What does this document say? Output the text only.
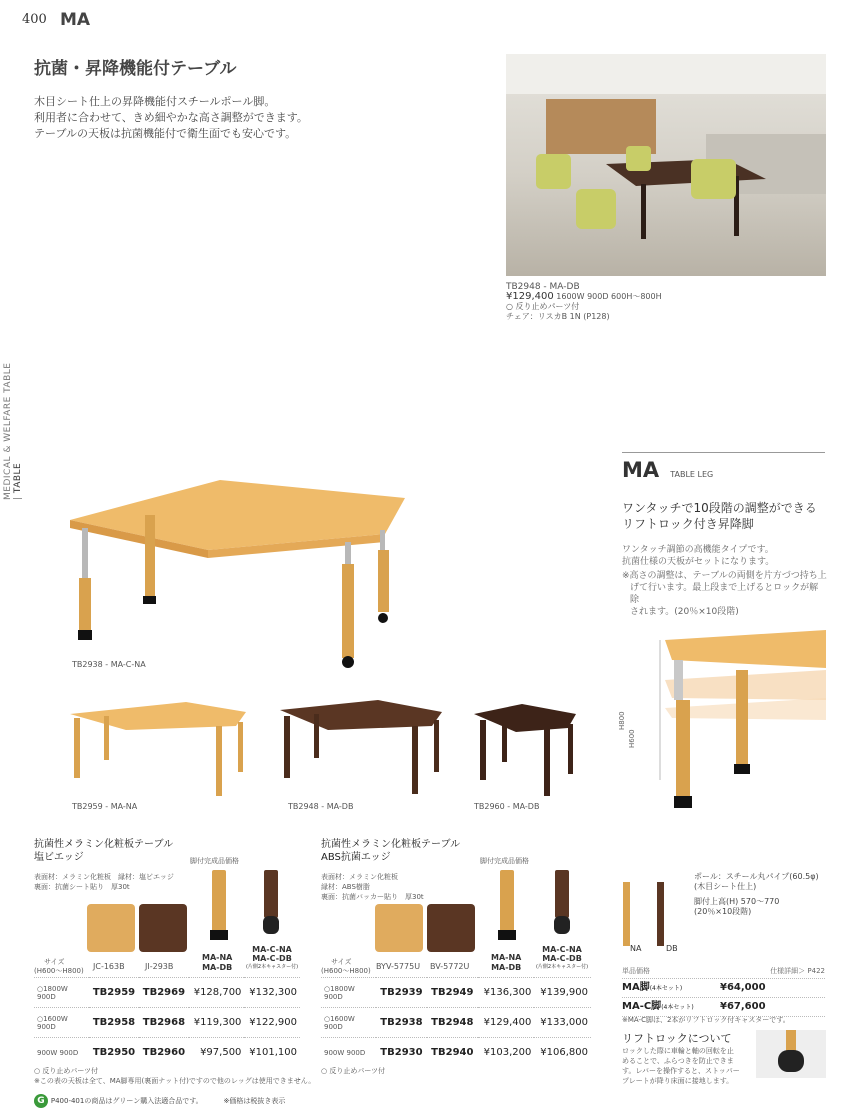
400 MA
MEDICAL & WELFARE TABLE | TABLE
抗菌・昇降機能付テーブル
木目シート仕上の昇降機能付スチールポール脚。
利用者に合わせて、きめ細やかな高さ調整ができます。
テーブルの天板は抗菌機能付で衛生面でも安心です。
TB2948 - MA-DB
¥129,400 1600W 900D 600H～800H
○ 反り止めパーツ付
チェア：リスカB 1N (P128)
TB2938 - MA-C-NA
TB2959 - MA-NA	TB2948 - MA-DB	TB2960 - MA-DB
MA TABLE LEG
ワンタッチで10段階の調整ができる
リフトロック付き昇降脚
ワンタッチ調節の高機能タイプです。
抗菌仕様の天板がセットになります。
※高さの調整は、テーブルの両側を片方づつ持ち上
げて行います。最上段まで上げるとロックが解除
されます。(20％×10段階)
H800
H600
抗菌性メラミン化粧板テーブル
塩ビエッジ	脚付完成品価格
表面材：メラミン化粧板　縁材：塩ビエッジ
裏面：抗菌シート貼り　厚30t
サイズ
(H600～H800) JC-163B	JI-293B
MA-NA
MA-DB
MA-C-NA
MA-C-DB
(片側2本キャスター付)
○1800W 900D	TB2959	TB2969	¥128,700	¥132,300
○1600W 900D	TB2958	TB2968	¥119,300	¥122,900
900W 900D	TB2950	TB2960	¥97,500	¥101,100
○ 反り止めパーツ付
※この表の天板は全て、MA脚専用(裏面ナット付)ですので他のレッグは使用できません。
抗菌性メラミン化粧板テーブル
ABS抗菌エッジ	脚付完成品価格
表面材：メラミン化粧板
縁材：ABS樹脂
裏面：抗菌バッカー貼り　厚30t
サイズ
(H600～H800) BYV-5775U BV-5772U
MA-NA
MA-DB
MA-C-NA
MA-C-DB
(片側2本キャスター付)
○1800W 900D	TB2939	TB2949	¥136,300	¥139,900
○1600W 900D	TB2938	TB2948	¥129,400	¥133,000
900W 900D	TB2930	TB2940	¥103,200	¥106,800
○ 反り止めパーツ付
NA	DB
ポール：スチール丸パイプ(60.5φ)
(木目シート仕上)
脚付上高(H) 570～770
(20％×10段階)
単品価格	仕様詳細＞ P422
MA脚(4本セット)	¥64,000
MA-C脚(4本セット)	¥67,600
※MA-C脚は、2本がリフトロック付キャスターです。
リフトロックについて
ロックした際に車輪と軸の回転を止
めることで、ふらつきを防止できま
す。レバーを操作すると、ストッパー
プレートが降り床面に接地します。
G P400-401の商品はグリーン購入法適合品です。	※価格は税抜き表示
